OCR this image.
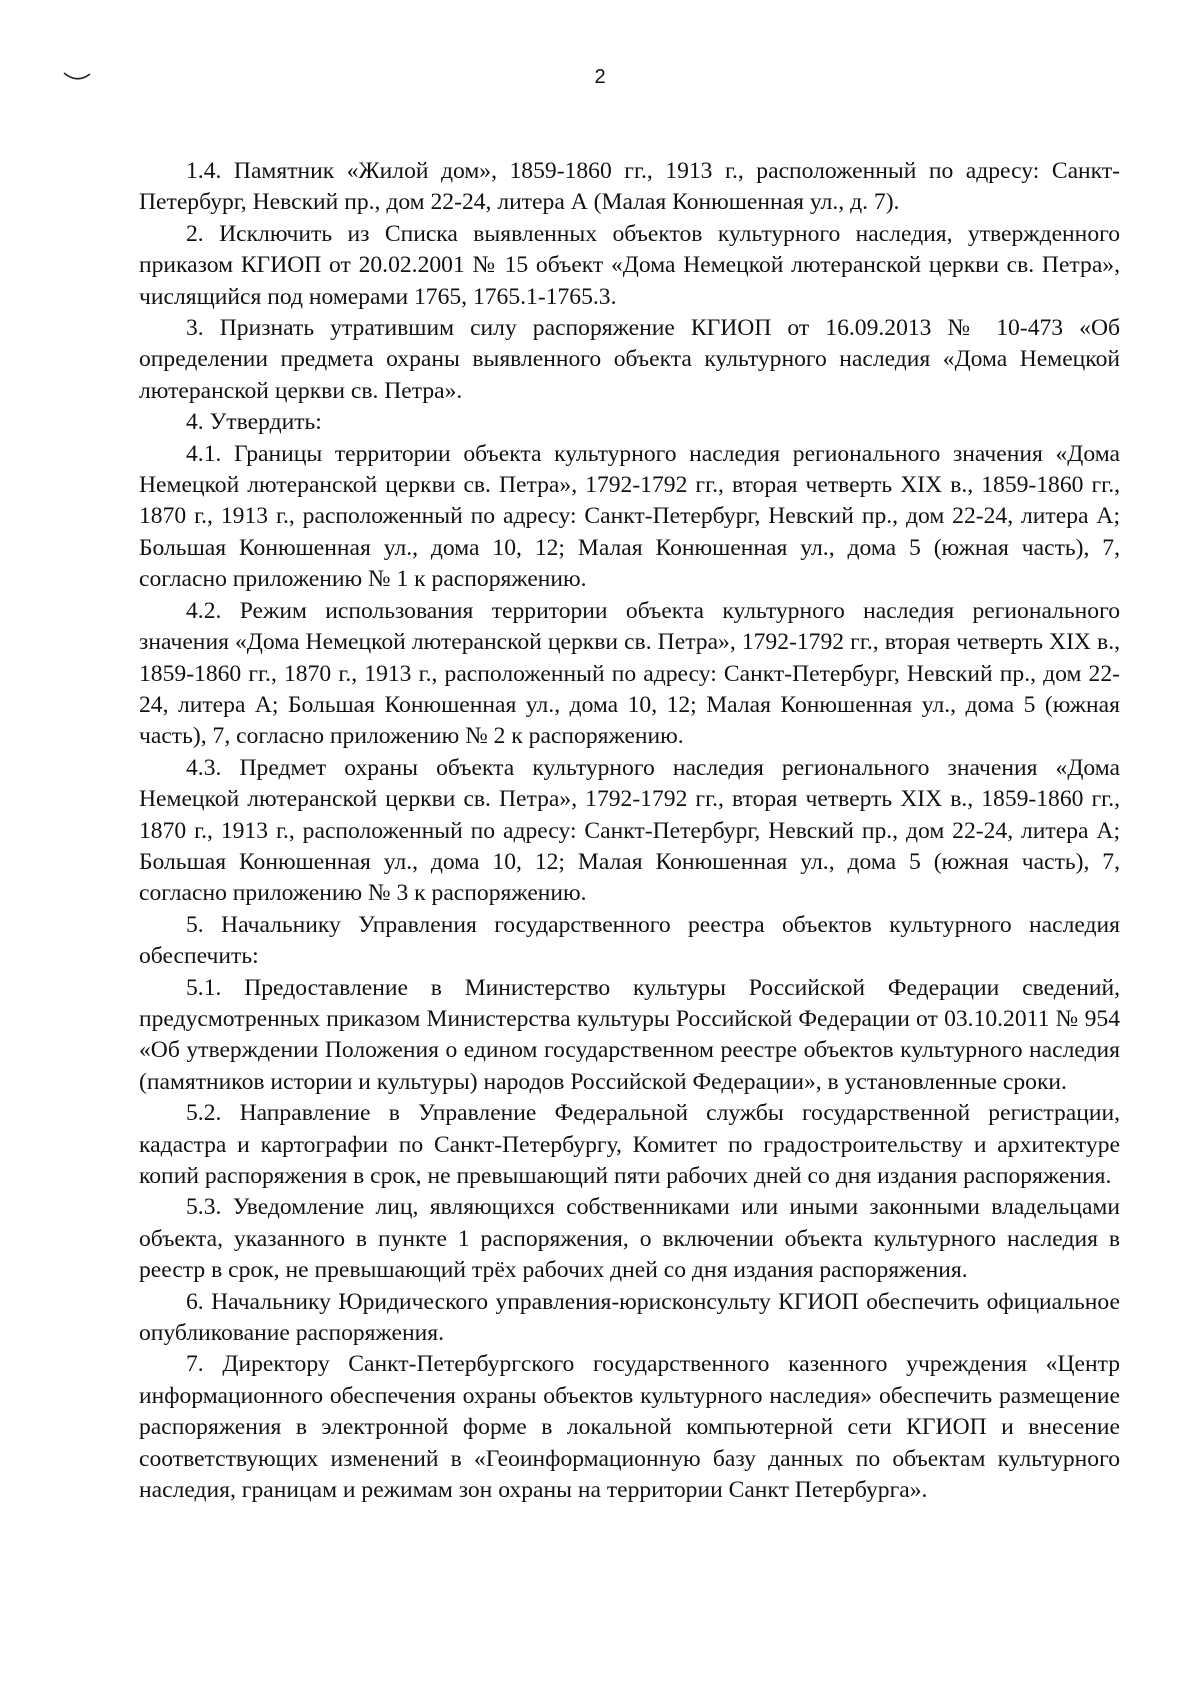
2

1.4. Памятник «Жилой дом», 1859-1860 гг., 1913 г., расположенный по адресу: Санкт-Петербург, Невский пр., дом 22-24, литера А (Малая Конюшенная ул., д. 7).

2. Исключить из Списка выявленных объектов культурного наследия, утвержденного приказом КГИОП от 20.02.2001 № 15 объект «Дома Немецкой лютеранской церкви св. Петра», числящийся под номерами 1765, 1765.1-1765.3.

3. Признать утратившим силу распоряжение КГИОП от 16.09.2013 № 10-473 «Об определении предмета охраны выявленного объекта культурного наследия «Дома Немецкой лютеранской церкви св. Петра».

4. Утвердить:

4.1. Границы территории объекта культурного наследия регионального значения «Дома Немецкой лютеранской церкви св. Петра», 1792-1792 гг., вторая четверть XIX в., 1859-1860 гг., 1870 г., 1913 г., расположенный по адресу: Санкт-Петербург, Невский пр., дом 22-24, литера А; Большая Конюшенная ул., дома 10, 12; Малая Конюшенная ул., дома 5 (южная часть), 7, согласно приложению № 1 к распоряжению.

4.2. Режим использования территории объекта культурного наследия регионального значения «Дома Немецкой лютеранской церкви св. Петра», 1792-1792 гг., вторая четверть XIX в., 1859-1860 гг., 1870 г., 1913 г., расположенный по адресу: Санкт-Петербург, Невский пр., дом 22-24, литера А; Большая Конюшенная ул., дома 10, 12; Малая Конюшенная ул., дома 5 (южная часть), 7, согласно приложению № 2 к распоряжению.

4.3. Предмет охраны объекта культурного наследия регионального значения «Дома Немецкой лютеранской церкви св. Петра», 1792-1792 гг., вторая четверть XIX в., 1859-1860 гг., 1870 г., 1913 г., расположенный по адресу: Санкт-Петербург, Невский пр., дом 22-24, литера А; Большая Конюшенная ул., дома 10, 12; Малая Конюшенная ул., дома 5 (южная часть), 7, согласно приложению № 3 к распоряжению.

5. Начальнику Управления государственного реестра объектов культурного наследия обеспечить:

5.1. Предоставление в Министерство культуры Российской Федерации сведений, предусмотренных приказом Министерства культуры Российской Федерации от 03.10.2011 № 954 «Об утверждении Положения о едином государственном реестре объектов культурного наследия (памятников истории и культуры) народов Российской Федерации», в установленные сроки.

5.2. Направление в Управление Федеральной службы государственной регистрации, кадастра и картографии по Санкт-Петербургу, Комитет по градостроительству и архитектуре копий распоряжения в срок, не превышающий пяти рабочих дней со дня издания распоряжения.

5.3. Уведомление лиц, являющихся собственниками или иными законными владельцами объекта, указанного в пункте 1 распоряжения, о включении объекта культурного наследия в реестр в срок, не превышающий трёх рабочих дней со дня издания распоряжения.

6. Начальнику Юридического управления-юрисконсульту КГИОП обеспечить официальное опубликование распоряжения.

7. Директору Санкт-Петербургского государственного казенного учреждения «Центр информационного обеспечения охраны объектов культурного наследия» обеспечить размещение распоряжения в электронной форме в локальной компьютерной сети КГИОП и внесение соответствующих изменений в «Геоинформационную базу данных по объектам культурного наследия, границам и режимам зон охраны на территории Санкт Петербурга».
